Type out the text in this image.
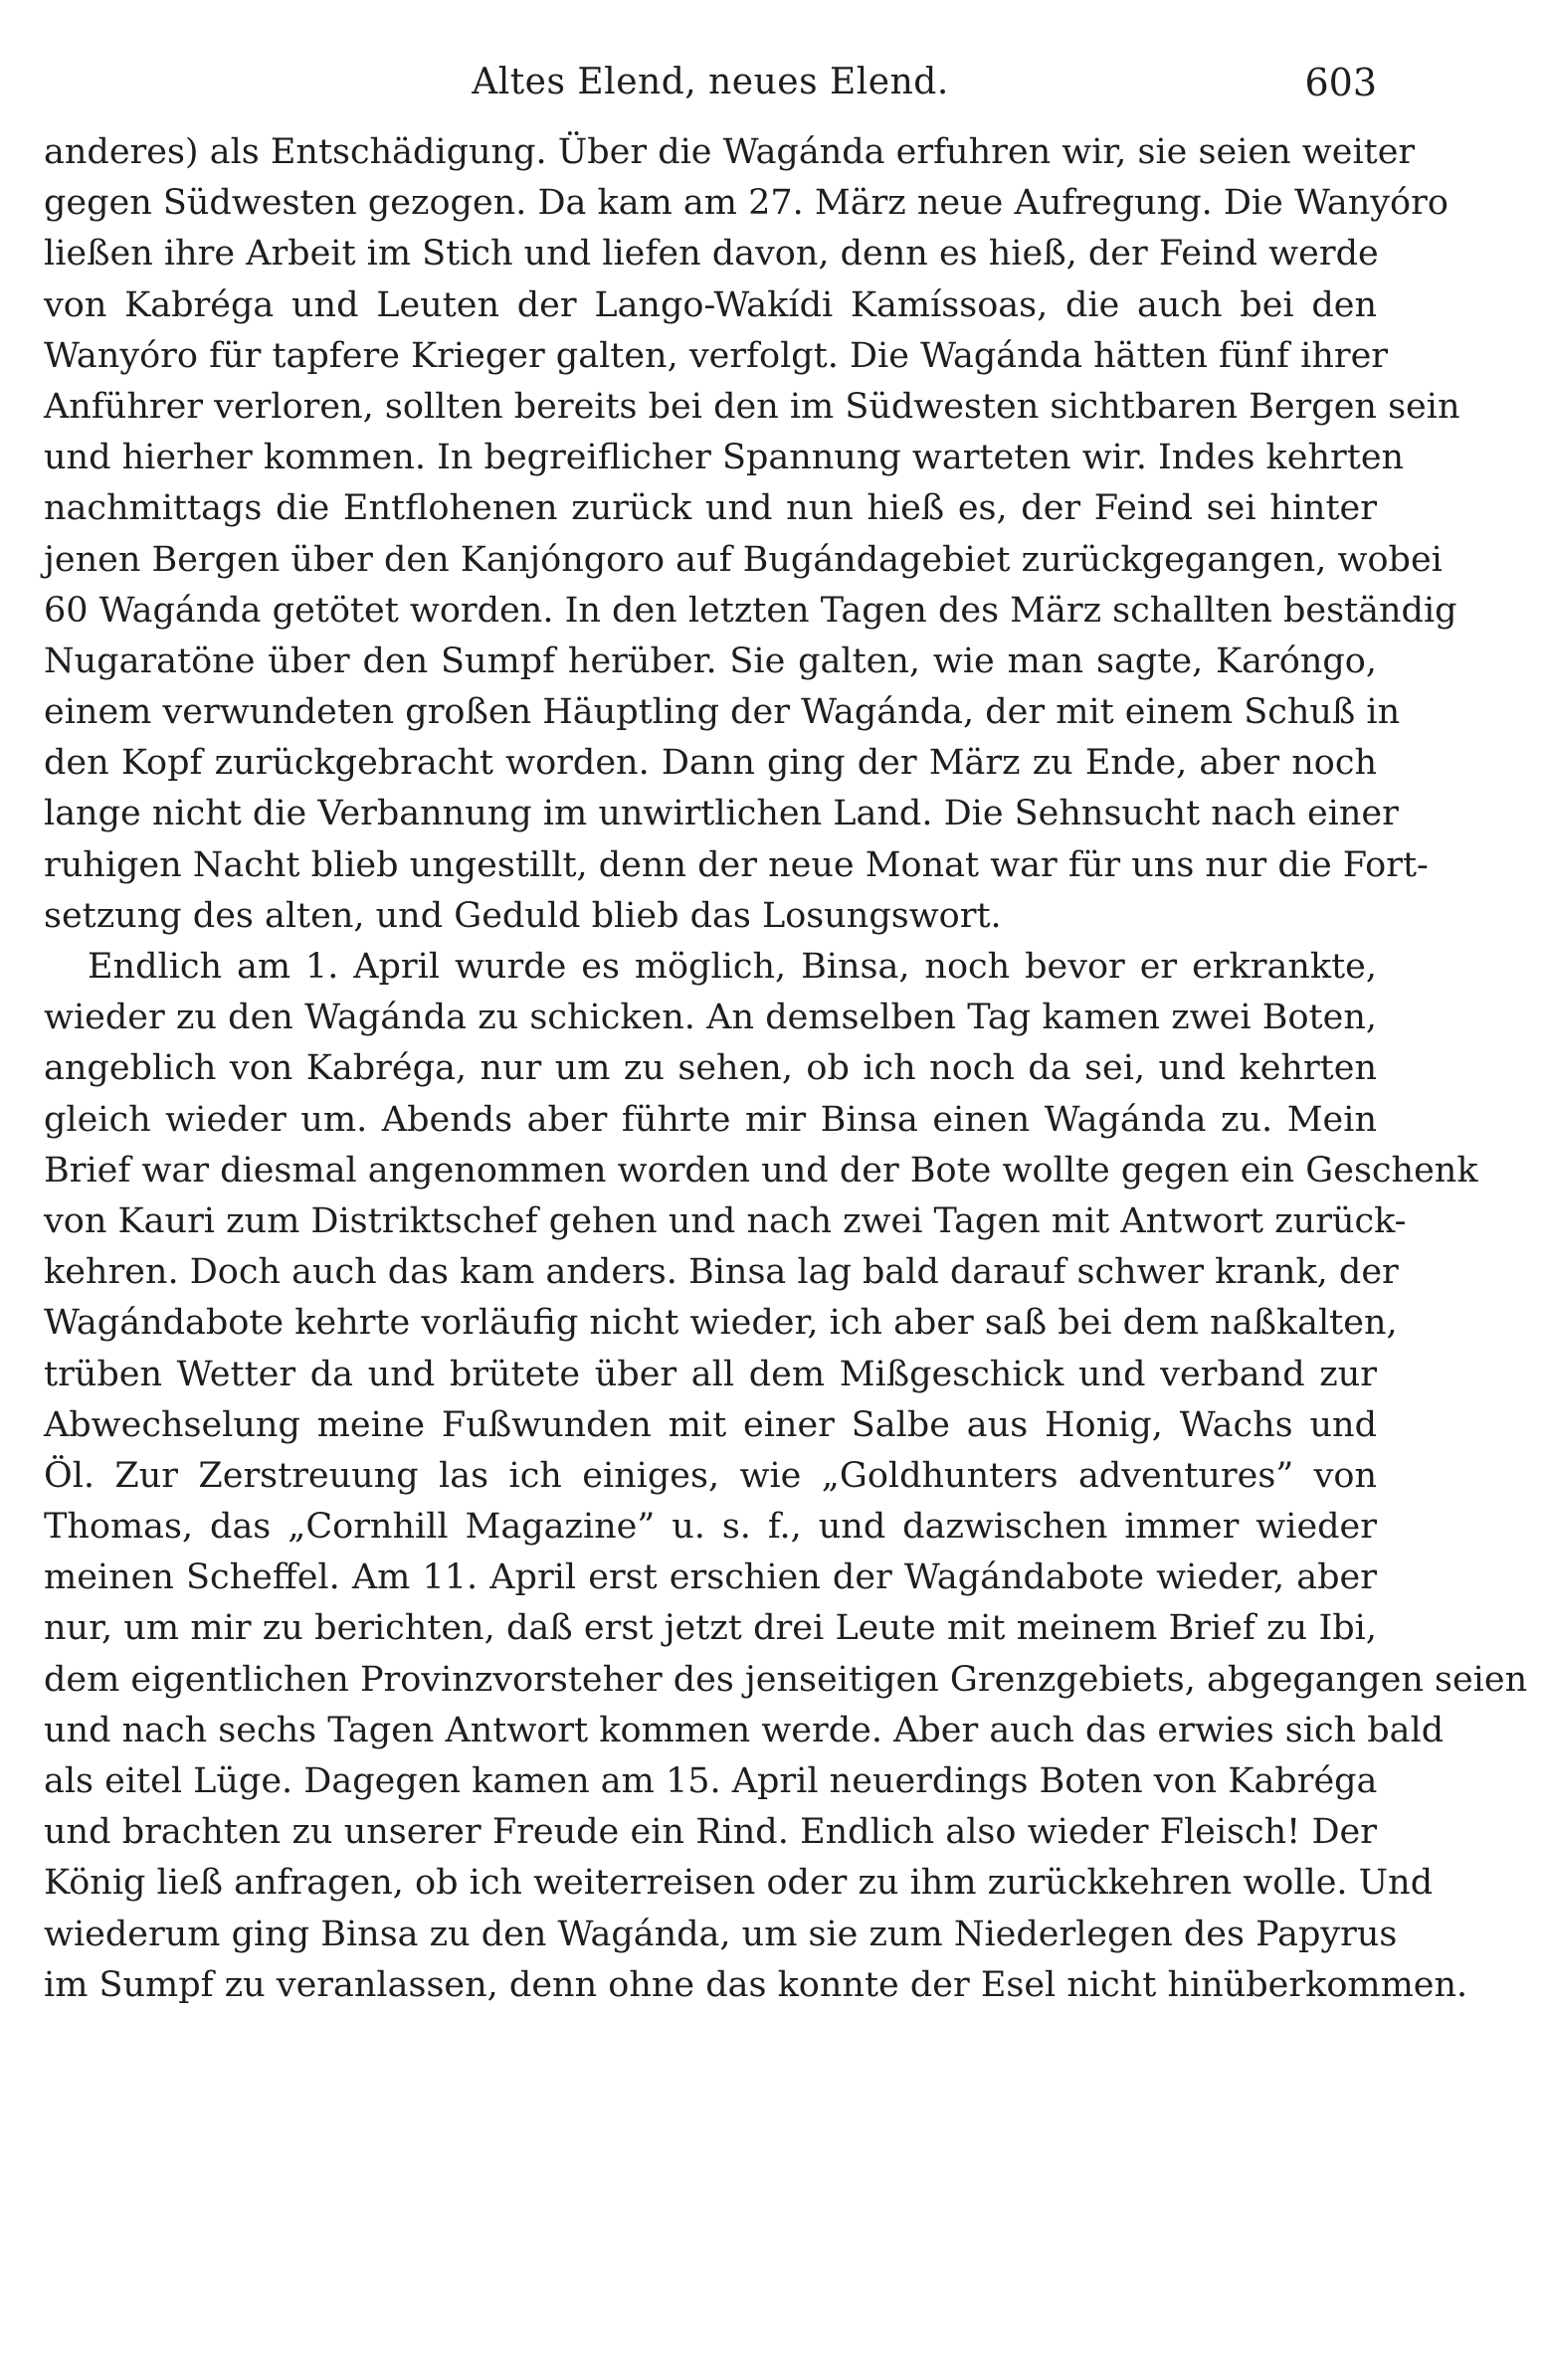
Altes Elend, neues Elend.	603
anderes) als Entschädigung. Über die Wagánda erfuhren wir, sie seien weiter
gegen Südwesten gezogen. Da kam am 27. März neue Aufregung. Die Wanyóro
ließen ihre Arbeit im Stich und liefen davon, denn es hieß, der Feind werde
von Kabréga und Leuten der Lango-Wakídi Kamíssoas, die auch bei den
Wanyóro für tapfere Krieger galten, verfolgt. Die Wagánda hätten fünf ihrer
Anführer verloren, sollten bereits bei den im Südwesten sichtbaren Bergen sein
und hierher kommen. In begreiflicher Spannung warteten wir. Indes kehrten
nachmittags die Entflohenen zurück und nun hieß es, der Feind sei hinter
jenen Bergen über den Kanjóngoro auf Bugándagebiet zurückgegangen, wobei
60 Wagánda getötet worden. In den letzten Tagen des März schallten beständig
Nugaratöne über den Sumpf herüber. Sie galten, wie man sagte, Karóngo,
einem verwundeten großen Häuptling der Wagánda, der mit einem Schuß in
den Kopf zurückgebracht worden. Dann ging der März zu Ende, aber noch
lange nicht die Verbannung im unwirtlichen Land. Die Sehnsucht nach einer
ruhigen Nacht blieb ungestillt, denn der neue Monat war für uns nur die Fort-
setzung des alten, und Geduld blieb das Losungswort.
Endlich am 1. April wurde es möglich, Binsa, noch bevor er erkrankte,
wieder zu den Wagánda zu schicken. An demselben Tag kamen zwei Boten,
angeblich von Kabréga, nur um zu sehen, ob ich noch da sei, und kehrten
gleich wieder um. Abends aber führte mir Binsa einen Wagánda zu. Mein
Brief war diesmal angenommen worden und der Bote wollte gegen ein Geschenk
von Kauri zum Distriktschef gehen und nach zwei Tagen mit Antwort zurück-
kehren. Doch auch das kam anders. Binsa lag bald darauf schwer krank, der
Wagándabote kehrte vorläufig nicht wieder, ich aber saß bei dem naßkalten,
trüben Wetter da und brütete über all dem Mißgeschick und verband zur
Abwechselung meine Fußwunden mit einer Salbe aus Honig, Wachs und
Öl. Zur Zerstreuung las ich einiges, wie „Goldhunters adventures” von
Thomas, das „Cornhill Magazine” u. s. f., und dazwischen immer wieder
meinen Scheffel. Am 11. April erst erschien der Wagándabote wieder, aber
nur, um mir zu berichten, daß erst jetzt drei Leute mit meinem Brief zu Ibi,
dem eigentlichen Provinzvorsteher des jenseitigen Grenzgebiets, abgegangen seien
und nach sechs Tagen Antwort kommen werde. Aber auch das erwies sich bald
als eitel Lüge. Dagegen kamen am 15. April neuerdings Boten von Kabréga
und brachten zu unserer Freude ein Rind. Endlich also wieder Fleisch! Der
König ließ anfragen, ob ich weiterreisen oder zu ihm zurückkehren wolle. Und
wiederum ging Binsa zu den Wagánda, um sie zum Niederlegen des Papyrus
im Sumpf zu veranlassen, denn ohne das konnte der Esel nicht hinüberkommen.
